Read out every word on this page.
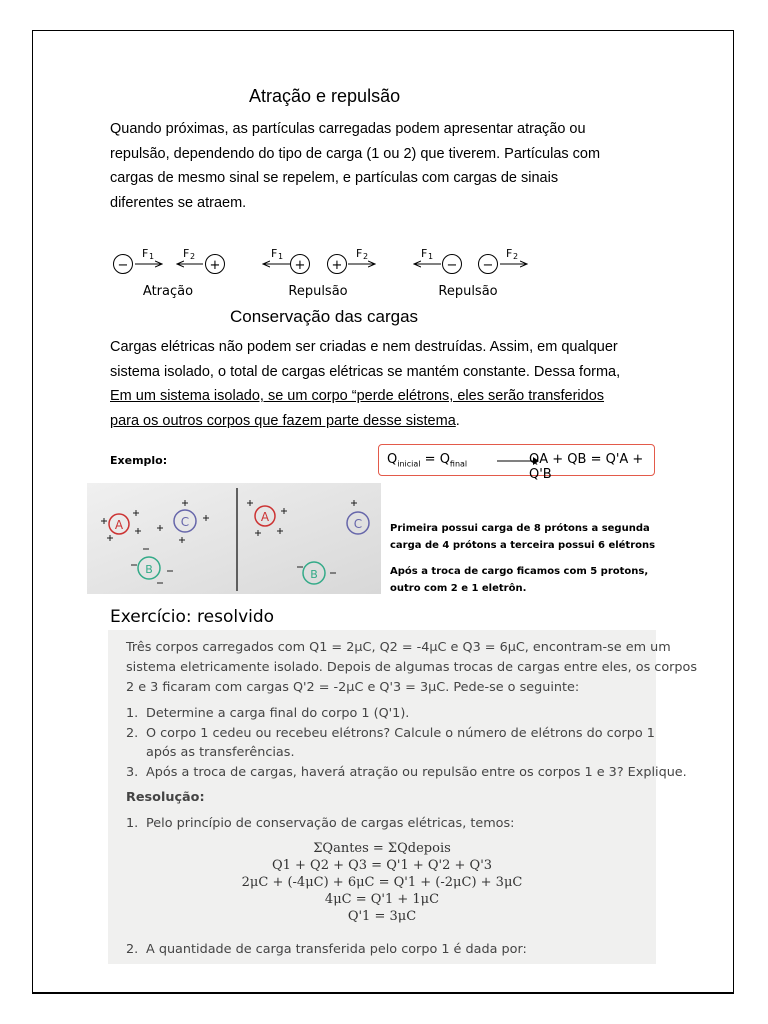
Atração e repulsão
Quando próximas, as partículas carregadas podem apresentar atração ou
repulsão, dependendo do tipo de carga (1 ou 2) que tiverem. Partículas com
cargas de mesmo sinal se repelem, e partículas com cargas de sinais
diferentes se atraem.
−
F 1	F 2
+
Atração
F 1
+ +
F 2
Repulsão
F 1
− −
F 2
Repulsão
Conservação das cargas
Cargas elétricas não podem ser criadas e nem destruídas. Assim, em qualquer
sistema isolado, o total de cargas elétricas se mantém constante. Dessa forma,
Em um sistema isolado, se um corpo “perde elétrons, eles serão transferidos
para os outros corpos que fazem parte desse sistema.
Exemplo:	$Q_{inicial} = Q_{final}$	QA + QB = Q'A + Q'B
A	C
B
A	C
B
Primeira possui carga de 8 prótons a segunda
carga de 4 prótons a terceira possui 6 elétrons
Após a troca de cargo ficamos com 5 protons,
outro com 2 e 1 eletrôn.
Exercício: resolvido
Três corpos carregados com Q1 = 2μC, Q2 = -4μC e Q3 = 6μC, encontram-se em um
sistema eletricamente isolado. Depois de algumas trocas de cargas entre eles, os corpos
2 e 3 ficaram com cargas Q'2 = -2μC e Q'3 = 3μC. Pede-se o seguinte:
1. Determine a carga final do corpo 1 (Q'1).
2. O corpo 1 cedeu ou recebeu elétrons? Calcule o número de elétrons do corpo 1
após as transferências.
3. Após a troca de cargas, haverá atração ou repulsão entre os corpos 1 e 3? Explique.
Resolução:
1. Pelo princípio de conservação de cargas elétricas, temos:
ΣQantes = ΣQdepois
Q1 + Q2 + Q3 = Q'1 + Q'2 + Q'3
2μC + (-4μC) + 6μC = Q'1 + (-2μC) + 3μC
4μC = Q'1 + 1μC
Q'1 = 3μC
2. A quantidade de carga transferida pelo corpo 1 é dada por:
